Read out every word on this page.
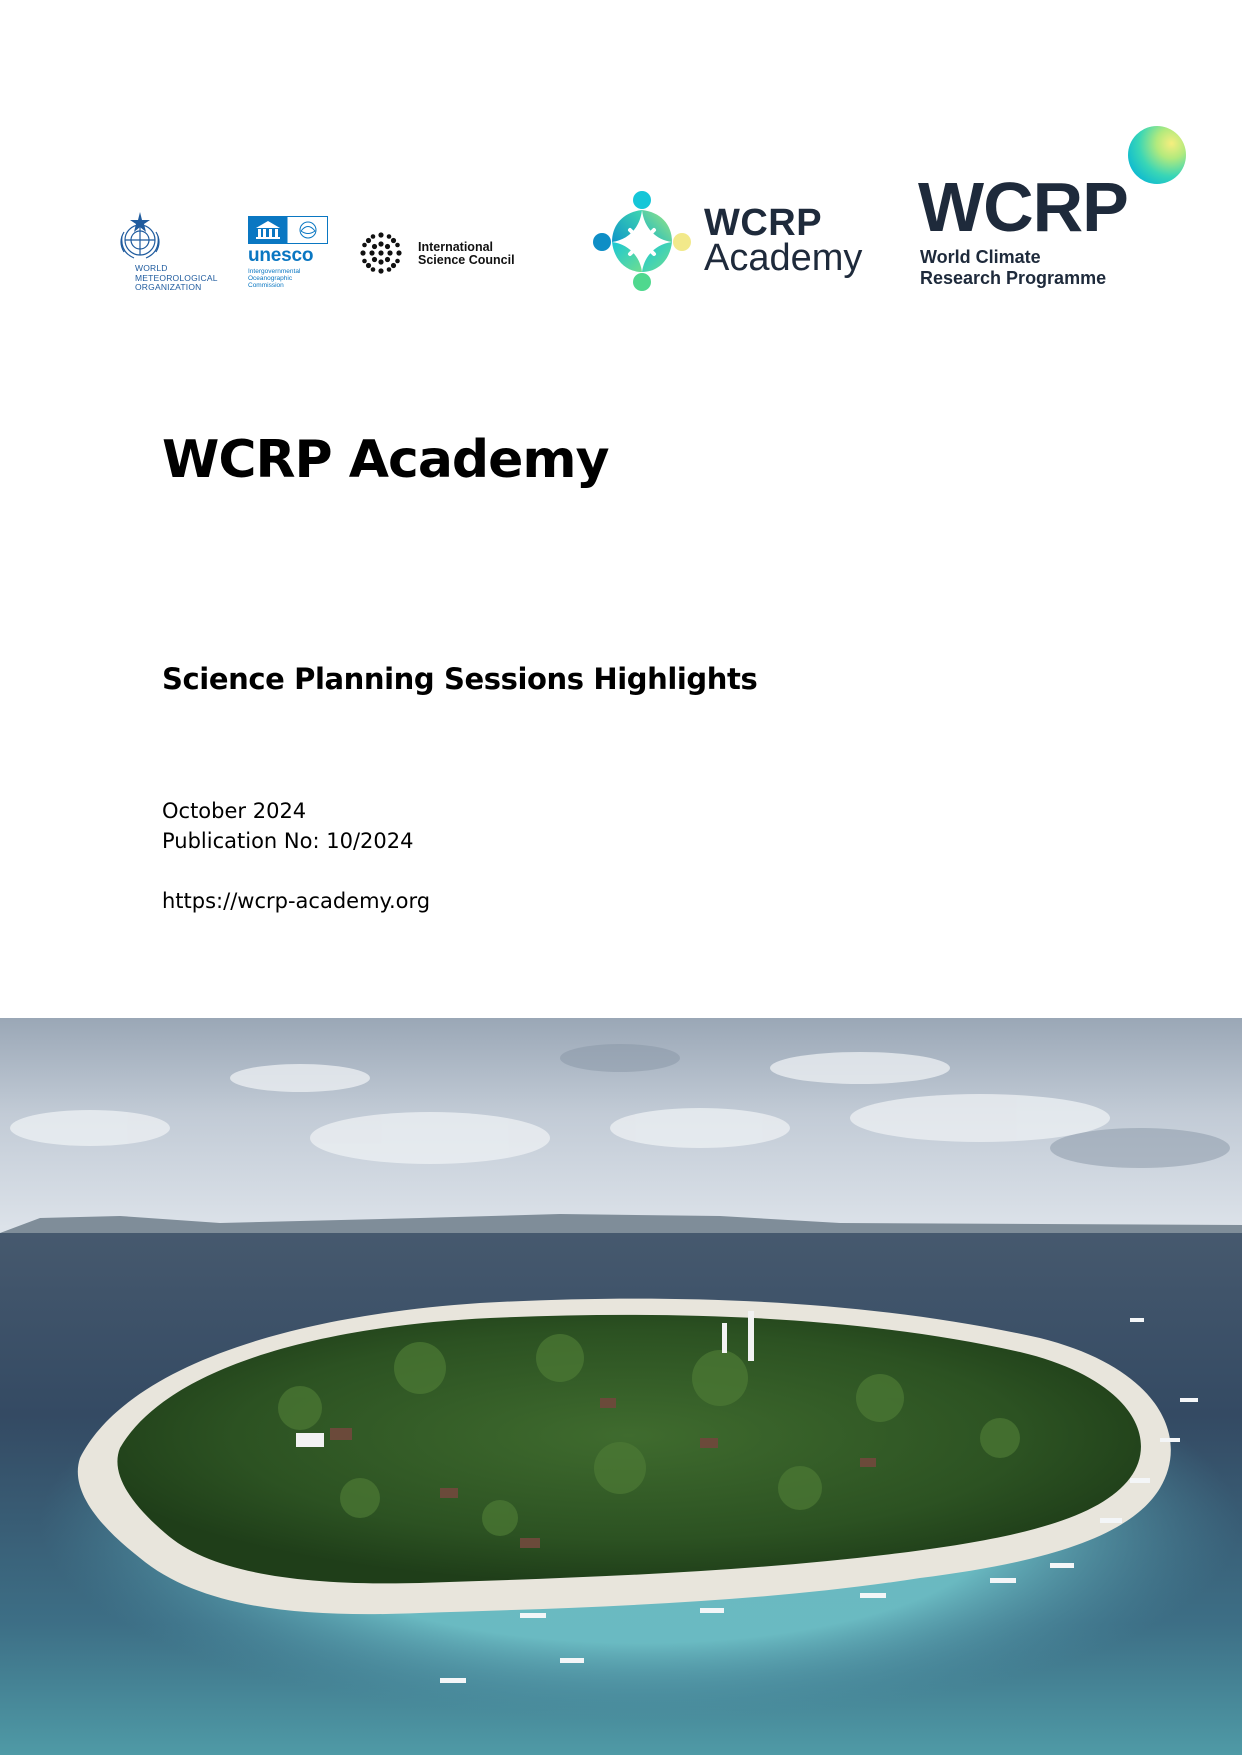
WORLD
METEOROLOGICAL
ORGANIZATION
unesco
Intergovernmental
Oceanographic
Commission
International
Science Council
WCRP
Academy
WCRP
World Climate
Research Programme
WCRP Academy
Science Planning Sessions Highlights
October 2024
Publication No: 10/2024
https://wcrp-academy.org
